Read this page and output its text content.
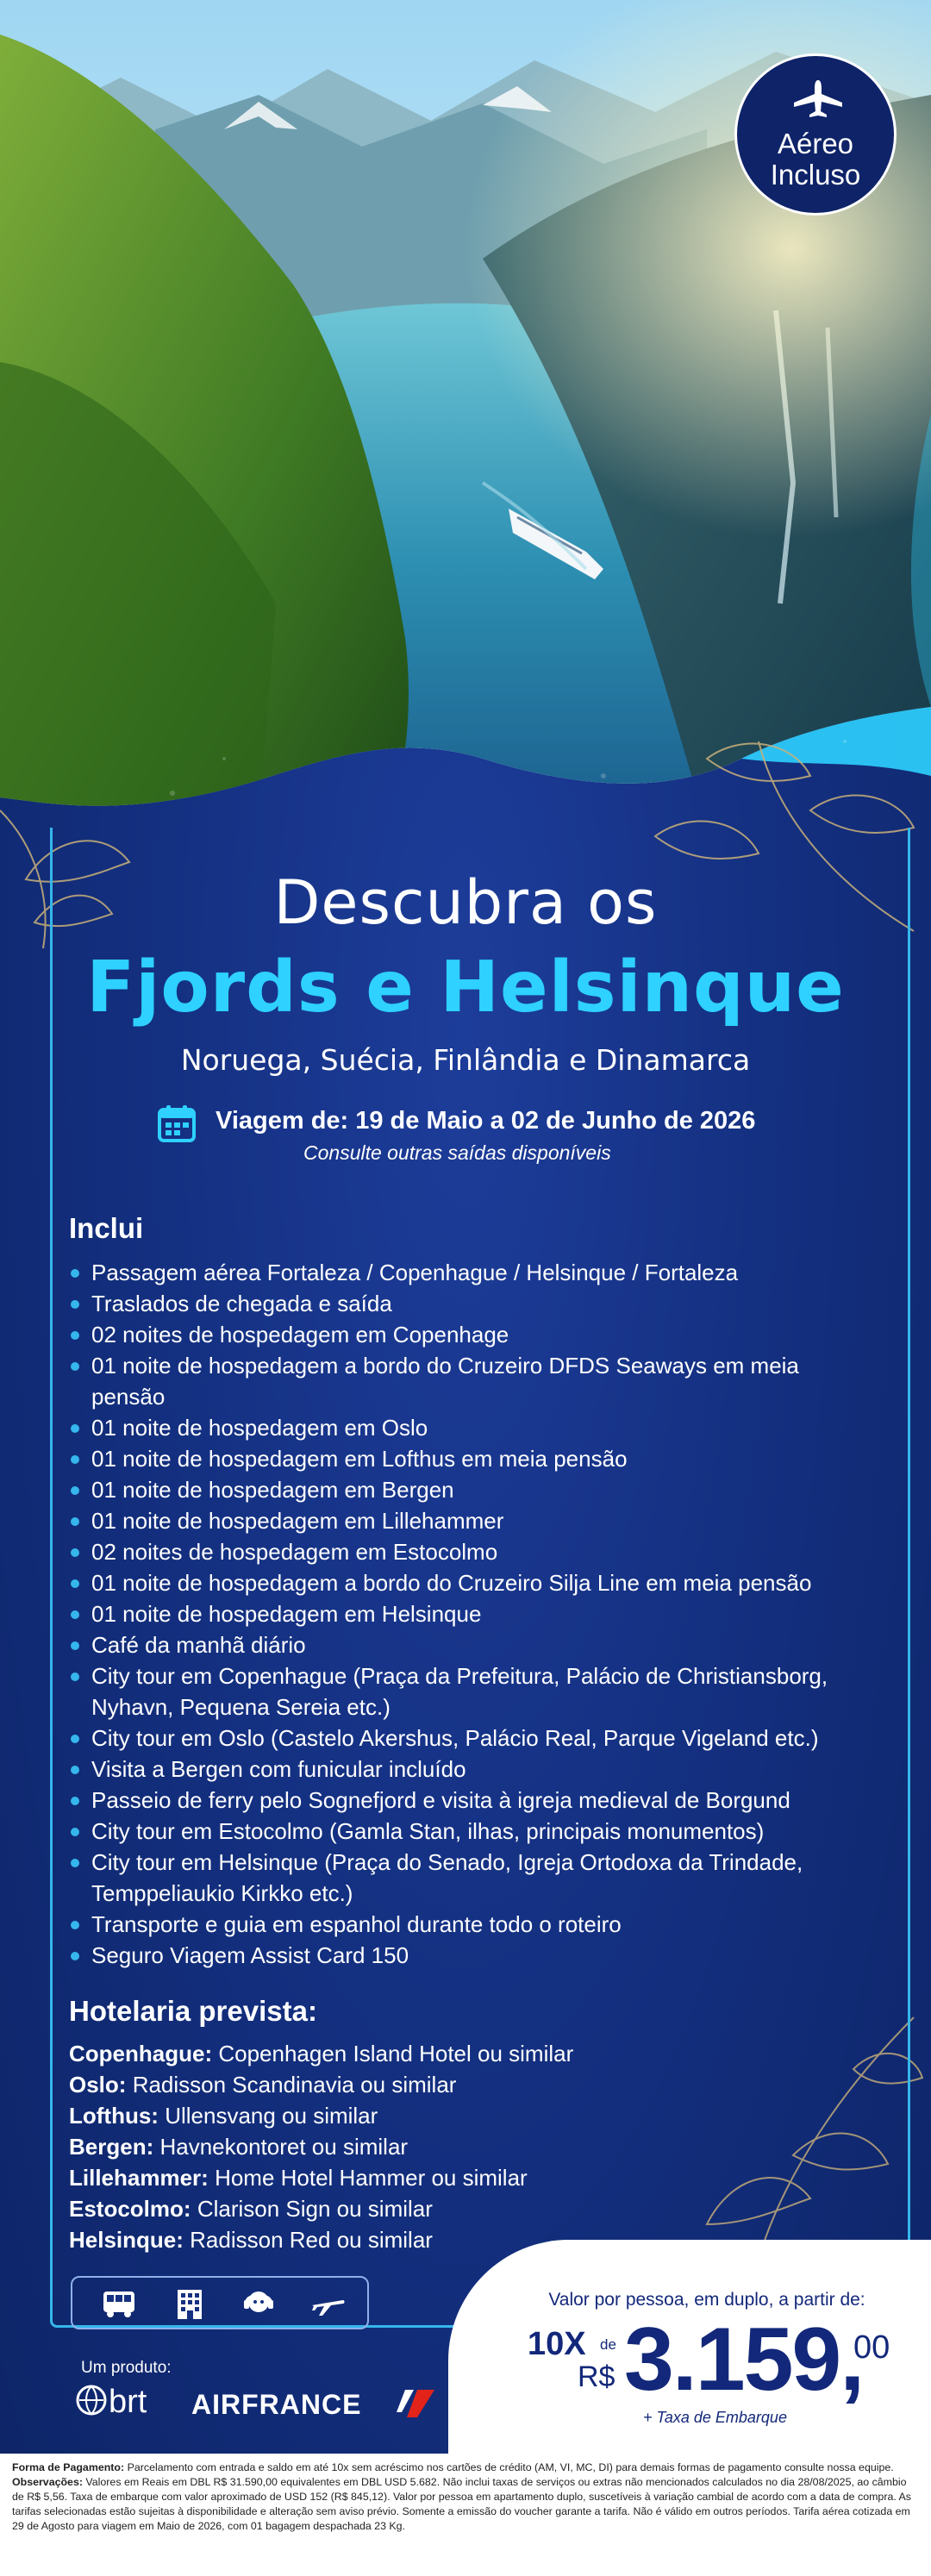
Aéreo
Incluso
Descubra os
Fjords e Helsinque
Noruega, Suécia, Finlândia e Dinamarca
Viagem de: 19 de Maio a 02 de Junho de 2026
Consulte outras saídas disponíveis
Inclui
Passagem aérea Fortaleza / Copenhague / Helsinque / Fortaleza
Traslados de chegada e saída
02 noites de hospedagem em Copenhage
01 noite de hospedagem a bordo do Cruzeiro DFDS Seaways em meia pensão
01 noite de hospedagem em Oslo
01 noite de hospedagem em Lofthus em meia pensão
01 noite de hospedagem em Bergen
01 noite de hospedagem em Lillehammer
02 noites de hospedagem em Estocolmo
01 noite de hospedagem a bordo do Cruzeiro Silja Line em meia pensão
01 noite de hospedagem em Helsinque
Café da manhã diário
City tour em Copenhague (Praça da Prefeitura, Palácio de Christiansborg, Nyhavn, Pequena Sereia etc.)
City tour em Oslo (Castelo Akershus, Palácio Real, Parque Vigeland etc.)
Visita a Bergen com funicular incluído
Passeio de ferry pelo Sognefjord e visita à igreja medieval de Borgund
City tour em Estocolmo (Gamla Stan, ilhas, principais monumentos)
City tour em Helsinque (Praça do Senado, Igreja Ortodoxa da Trindade, Temppeliaukio Kirkko etc.)
Transporte e guia em espanhol durante todo o roteiro
Seguro Viagem Assist Card 150
Hotelaria prevista:
Copenhague: Copenhagen Island Hotel ou similar
Oslo: Radisson Scandinavia ou similar
Lofthus: Ullensvang ou similar
Bergen: Havnekontoret ou similar
Lillehammer: Home Hotel Hammer ou similar
Estocolmo: Clarison Sign ou similar
Helsinque: Radisson Red ou similar
Um produto:
brt AIRFRANCE
Valor por pessoa, em duplo, a partir de:
10X de
R$ 3.159,
00
+ Taxa de Embarque

Forma de Pagamento: Parcelamento com entrada e saldo em até 10x sem acréscimo nos cartões de crédito (AM, VI, MC, DI) para demais formas de pagamento consulte nossa equipe.

Observações: Valores em Reais em DBL R$ 31.590,00 equivalentes em DBL USD 5.682. Não inclui taxas de serviços ou extras não mencionados calculados no dia 28/08/2025, ao câmbio de R$ 5,56. Taxa de embarque com valor aproximado de USD 152 (R$ 845,12). Valor por pessoa em apartamento duplo, suscetíveis à variação cambial de acordo com a data de compra. As tarifas selecionadas estão sujeitas à disponibilidade e alteração sem aviso prévio. Somente a emissão do voucher garante a tarifa. Não é válido em outros períodos. Tarifa aérea cotizada em 29 de Agosto para viagem em Maio de 2026, com 01 bagagem despachada 23 Kg.
